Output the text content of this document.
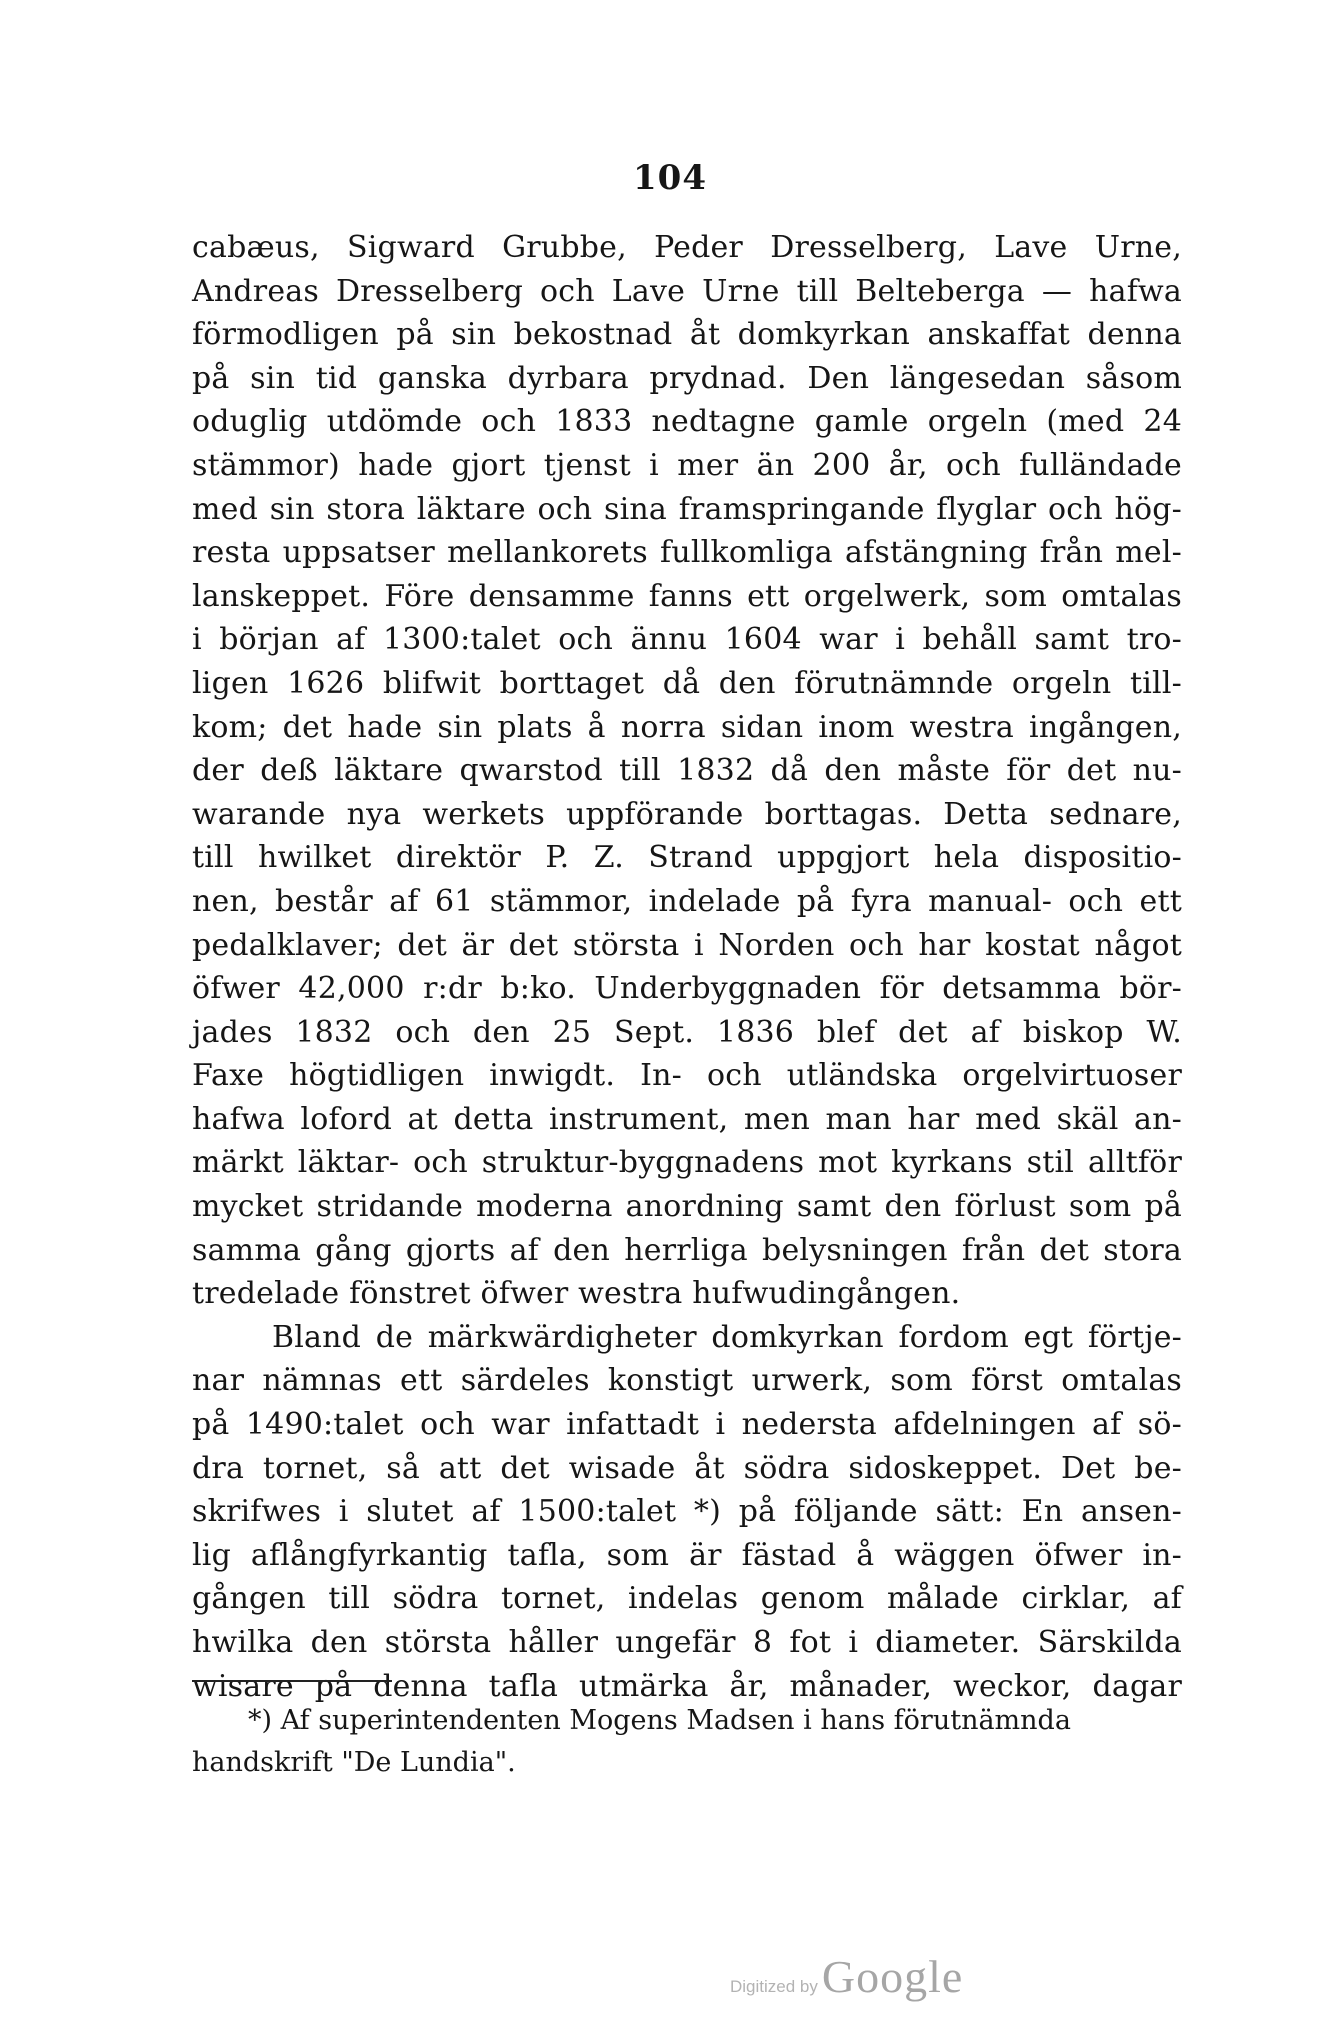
104
cabæus, Sigward Grubbe, Peder Dresselberg, Lave Urne,
Andreas Dresselberg och Lave Urne till Belteberga — hafwa
förmodligen på sin bekostnad åt domkyrkan anskaffat denna
på sin tid ganska dyrbara prydnad. Den längesedan såsom
oduglig utdömde och 1833 nedtagne gamle orgeln (med 24
stämmor) hade gjort tjenst i mer än 200 år, och fulländade
med sin stora läktare och sina framspringande flyglar och hög-
resta uppsatser mellankorets fullkomliga afstängning från mel-
lanskeppet. Före densamme fanns ett orgelwerk, som omtalas
i början af 1300:talet och ännu 1604 war i behåll samt tro-
ligen 1626 blifwit borttaget då den förutnämnde orgeln till-
kom; det hade sin plats å norra sidan inom westra ingången,
der deß läktare qwarstod till 1832 då den måste för det nu-
warande nya werkets uppförande borttagas. Detta sednare,
till hwilket direktör P. Z. Strand uppgjort hela dispositio-
nen, består af 61 stämmor, indelade på fyra manual- och ett
pedalklaver; det är det största i Norden och har kostat något
öfwer 42,000 r:dr b:ko. Underbyggnaden för detsamma bör-
jades 1832 och den 25 Sept. 1836 blef det af biskop W.
Faxe högtidligen inwigdt. In- och utländska orgelvirtuoser
hafwa loford at detta instrument, men man har med skäl an-
märkt läktar- och struktur-byggnadens mot kyrkans stil alltför
mycket stridande moderna anordning samt den förlust som på
samma gång gjorts af den herrliga belysningen från det stora
tredelade fönstret öfwer westra hufwudingången.
Bland de märkwärdigheter domkyrkan fordom egt förtje-
nar nämnas ett särdeles konstigt urwerk, som först omtalas
på 1490:talet och war infattadt i nedersta afdelningen af sö-
dra tornet, så att det wisade åt södra sidoskeppet. Det be-
skrifwes i slutet af 1500:talet *) på följande sätt: En ansen-
lig aflångfyrkantig tafla, som är fästad å wäggen öfwer in-
gången till södra tornet, indelas genom målade cirklar, af
hwilka den största håller ungefär 8 fot i diameter. Särskilda
wisare på denna tafla utmärka år, månader, weckor, dagar
*) Af superintendenten Mogens Madsen i hans förutnämnda
handskrift "De Lundia".
Digitized by Google
